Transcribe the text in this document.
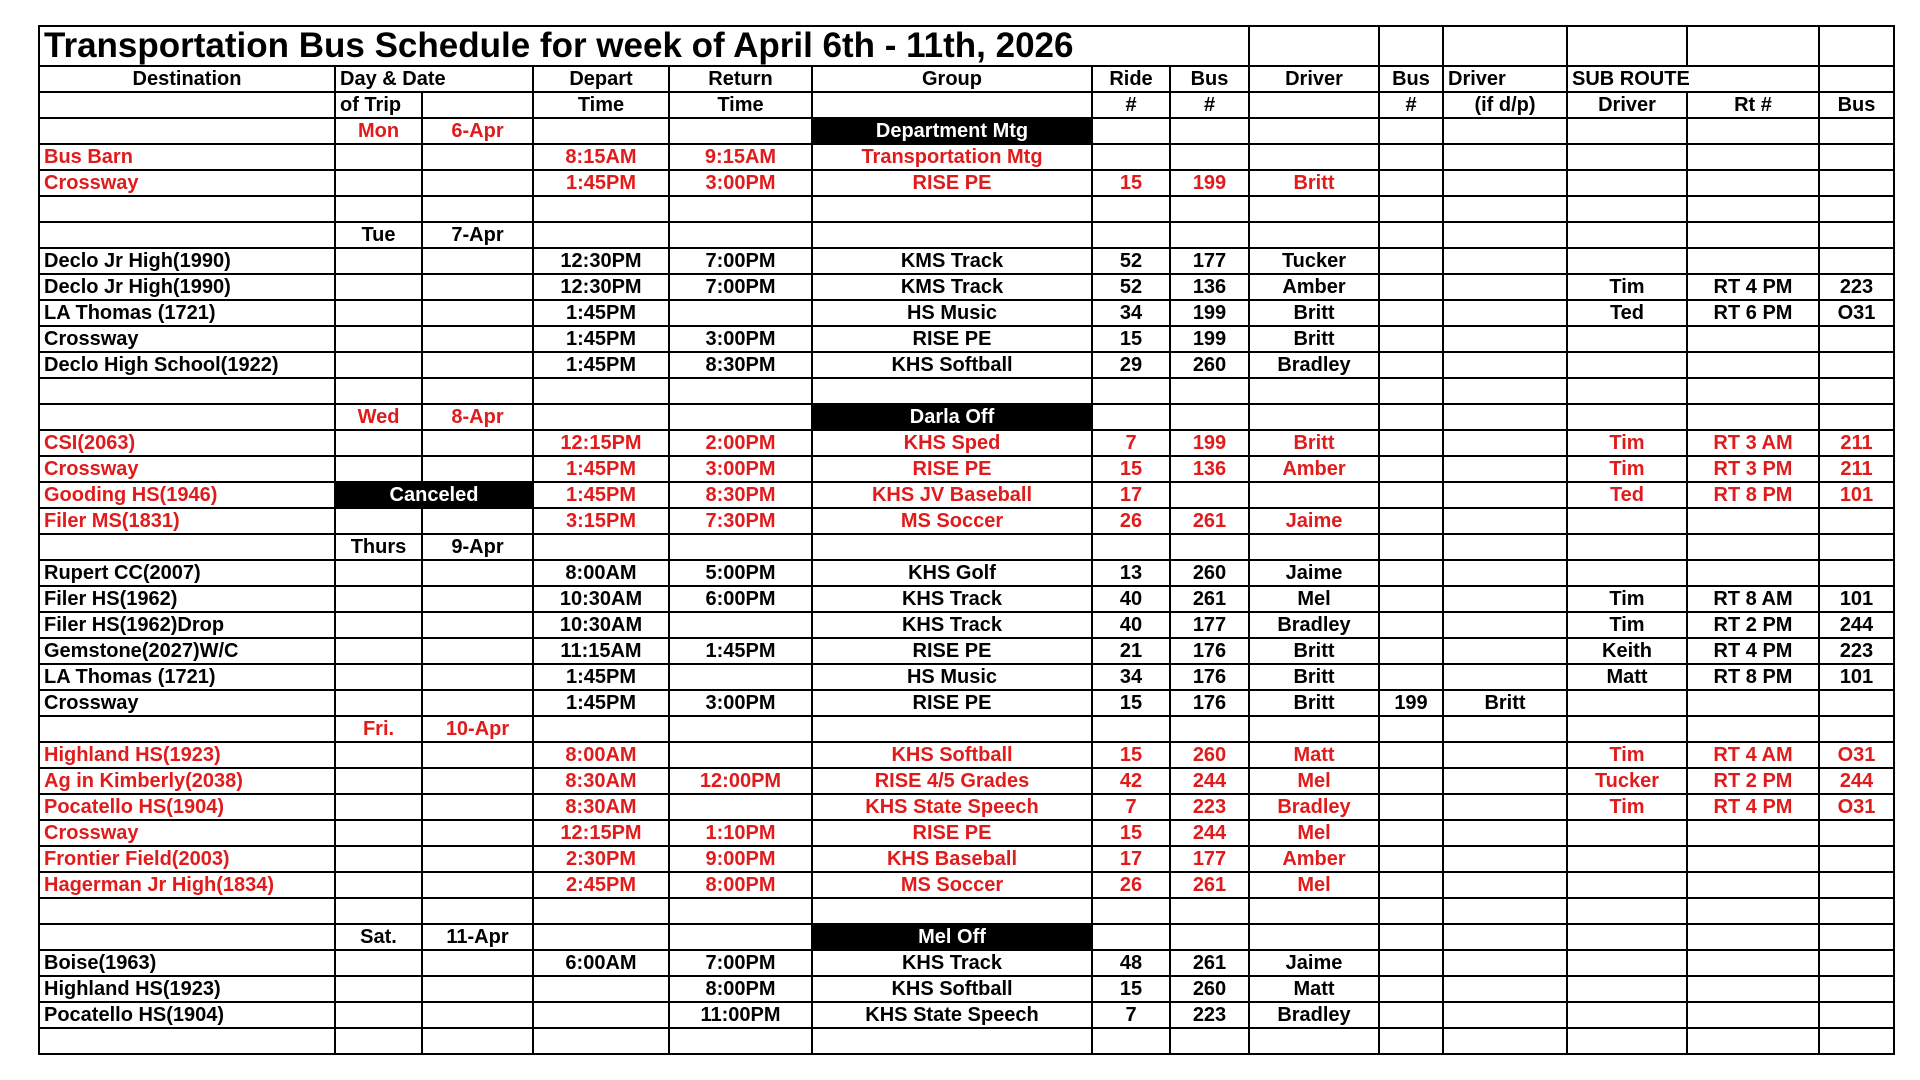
Transportation Bus Schedule for week of April 6th - 11th, 2026													
Destination	Day & Date		Depart	Return	Group	Ride	Bus	Driver	Bus	Driver	SUB ROUTE		
	of Trip		Time	Time		#	#		#	(if d/p)	Driver	Rt #	Bus
	Mon	6-Apr			Department Mtg								
Bus Barn			8:15AM	9:15AM	Transportation Mtg								
Crossway			1:45PM	3:00PM	RISE PE	15	199	Britt					

	Tue	7-Apr											
Declo Jr High(1990)			12:30PM	7:00PM	KMS Track	52	177	Tucker					
Declo Jr High(1990)			12:30PM	7:00PM	KMS Track	52	136	Amber			Tim	RT 4 PM	223
LA Thomas (1721)			1:45PM		HS Music	34	199	Britt			Ted	RT 6 PM	O31
Crossway			1:45PM	3:00PM	RISE PE	15	199	Britt					
Declo High School(1922)			1:45PM	8:30PM	KHS Softball	29	260	Bradley					

	Wed	8-Apr			Darla Off								
CSI(2063)			12:15PM	2:00PM	KHS Sped	7	199	Britt			Tim	RT 3 AM	211
Crossway			1:45PM	3:00PM	RISE PE	15	136	Amber			Tim	RT 3 PM	211
Gooding HS(1946)	Canceled		1:45PM	8:30PM	KHS JV Baseball	17					Ted	RT 8 PM	101
Filer MS(1831)			3:15PM	7:30PM	MS Soccer	26	261	Jaime					
	Thurs	9-Apr											
Rupert CC(2007)			8:00AM	5:00PM	KHS Golf	13	260	Jaime					
Filer HS(1962)			10:30AM	6:00PM	KHS Track	40	261	Mel			Tim	RT 8 AM	101
Filer HS(1962)Drop			10:30AM		KHS Track	40	177	Bradley			Tim	RT 2 PM	244
Gemstone(2027)W/C			11:15AM	1:45PM	RISE PE	21	176	Britt			Keith	RT 4 PM	223
LA Thomas (1721)			1:45PM		HS Music	34	176	Britt			Matt	RT 8 PM	101
Crossway			1:45PM	3:00PM	RISE PE	15	176	Britt	199	Britt			
	Fri.	10-Apr											
Highland HS(1923)			8:00AM		KHS Softball	15	260	Matt			Tim	RT 4 AM	O31
Ag in Kimberly(2038)			8:30AM	12:00PM	RISE 4/5 Grades	42	244	Mel			Tucker	RT 2 PM	244
Pocatello HS(1904)			8:30AM		KHS State Speech	7	223	Bradley			Tim	RT 4 PM	O31
Crossway			12:15PM	1:10PM	RISE PE	15	244	Mel					
Frontier Field(2003)			2:30PM	9:00PM	KHS Baseball	17	177	Amber					
Hagerman Jr High(1834)			2:45PM	8:00PM	MS Soccer	26	261	Mel					

	Sat.	11-Apr			Mel Off								
Boise(1963)			6:00AM	7:00PM	KHS Track	48	261	Jaime					
Highland HS(1923)				8:00PM	KHS Softball	15	260	Matt					
Pocatello HS(1904)				11:00PM	KHS State Speech	7	223	Bradley					
